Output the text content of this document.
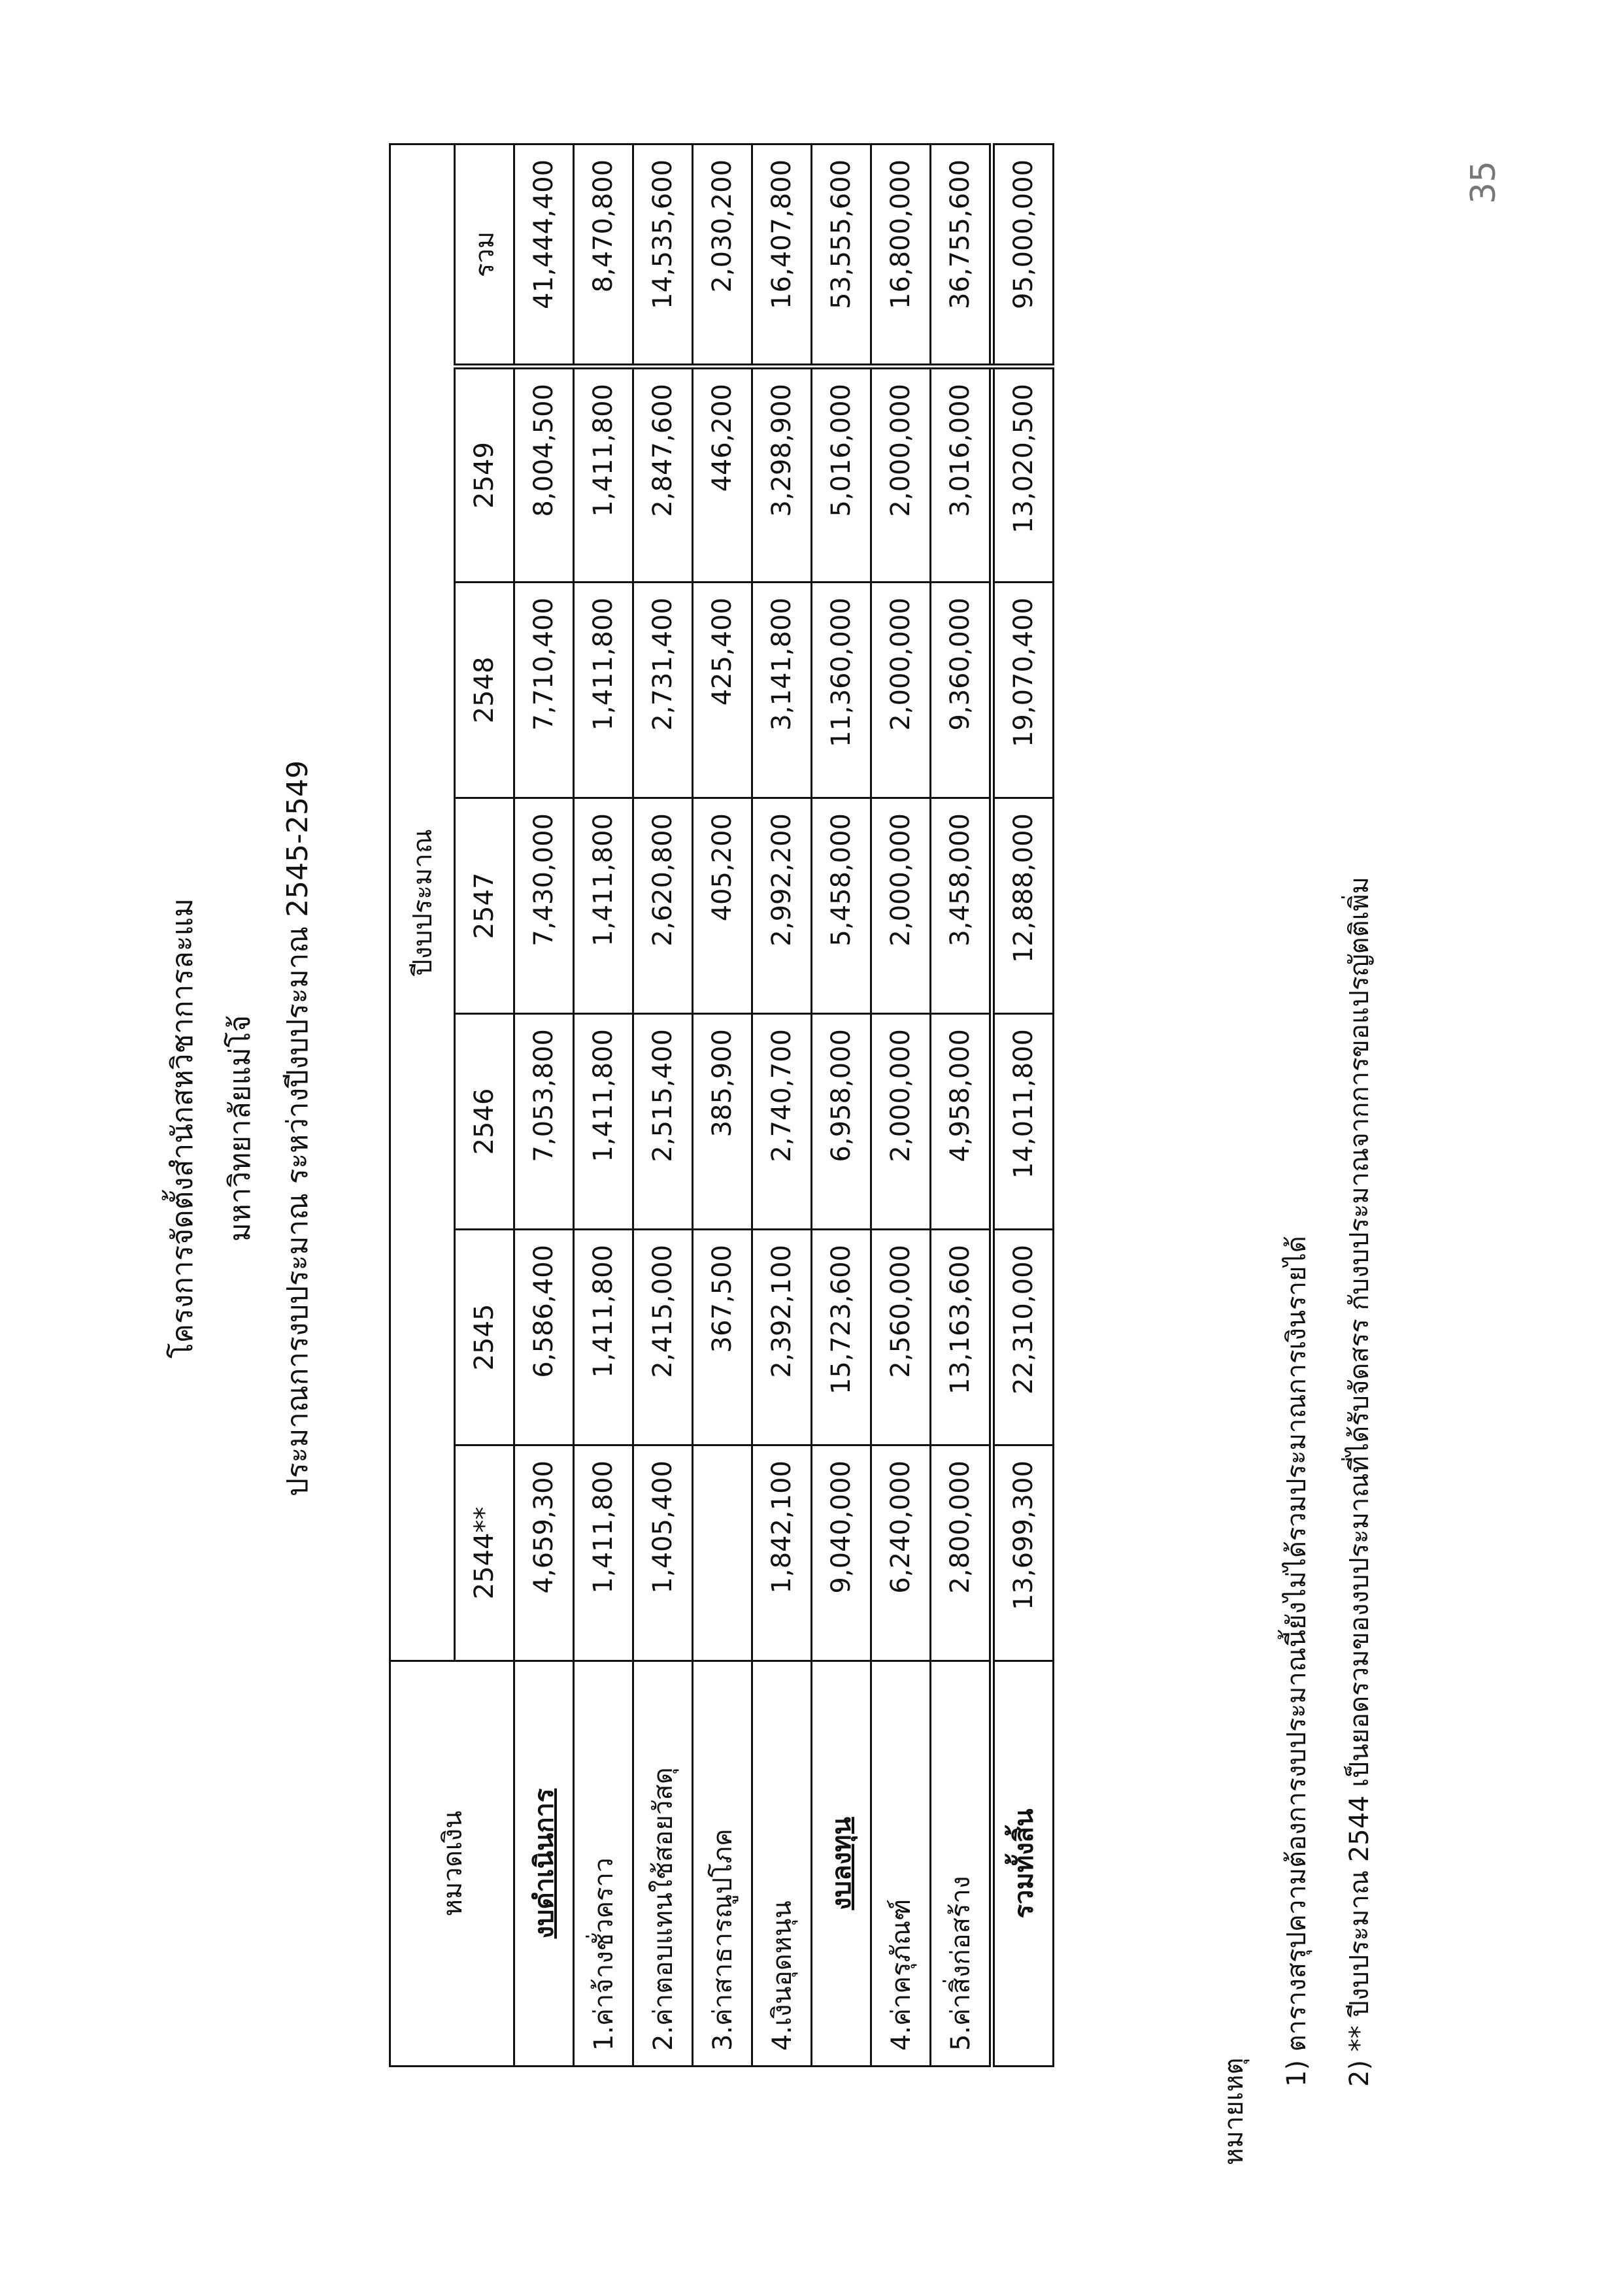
โครงการจัดตั้งสำนักสหวิชาการละแม มหาวิทยาลัยแม่โจ้ ประมาณการงบประมาณ ระหว่างปีงบประมาณ 2545-2549
หมวดเงิน	ปีงบประมาณ						
	2544**	2545	2546	2547	2548	2549	รวม
งบดำเนินการ	4,659,300	6,586,400	7,053,800	7,430,000	7,710,400	8,004,500	41,444,400
1.ค่าจ้างชั่วคราว	1,411,800	1,411,800	1,411,800	1,411,800	1,411,800	1,411,800	8,470,800
2.ค่าตอบแทนใช้สอยวัสดุ	1,405,400	2,415,000	2,515,400	2,620,800	2,731,400	2,847,600	14,535,600
3.ค่าสาธารณูปโภค		367,500	385,900	405,200	425,400	446,200	2,030,200
4.เงินอุดหนุน	1,842,100	2,392,100	2,740,700	2,992,200	3,141,800	3,298,900	16,407,800
งบลงทุน	9,040,000	15,723,600	6,958,000	5,458,000	11,360,000	5,016,000	53,555,600
4.ค่าครุภัณฑ์	6,240,000	2,560,000	2,000,000	2,000,000	2,000,000	2,000,000	16,800,000
5.ค่าสิ่งก่อสร้าง	2,800,000	13,163,600	4,958,000	3,458,000	9,360,000	3,016,000	36,755,600
รวมทั้งสิ้น	13,699,300	22,310,000	14,011,800	12,888,000	19,070,400	13,020,500	95,000,000
หมายเหตุ
1) ตารางสรุปความต้องการงบประมาณนี้ยังไม่ได้รวมประมาณการเงินรายได้	2) ** ปีงบประมาณ 2544 เป็นยอดรวมของงบประมาณที่ได้รับจัดสรร กับงบประมาณจากการขอแปรญัตติเพิ่ม
35
